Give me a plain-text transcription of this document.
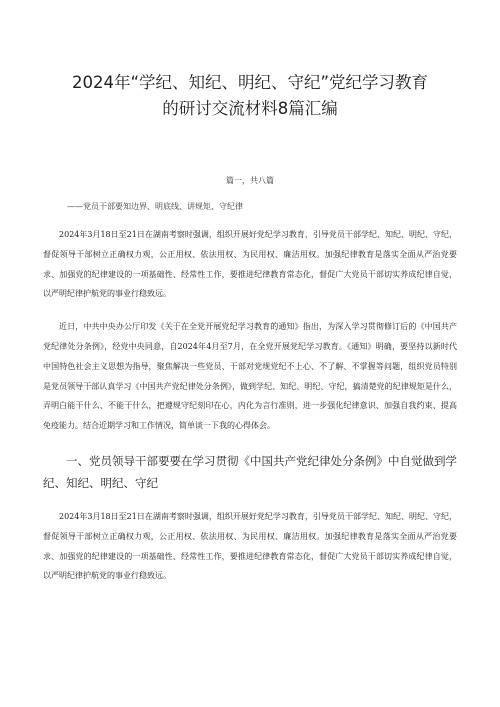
2024年“学纪、知纪、明纪、守纪”党纪学习教育
的研讨交流材料8篇汇编
篇一，共八篇
——党员干部要知边界、明底线、讲规矩、守纪律

2024年3月18日至21日在湖南考察时强调，组织开展好党纪学习教育，引导党员干部学纪、知纪、明纪、守纪，督促领导干部树立正确权力观，公正用权、依法用权、为民用权、廉洁用权。加强纪律教育是落实全面从严治党要求、加强党的纪律建设的一项基础性、经常性工作，要推进纪律教育常态化，督促广大党员干部切实养成纪律自觉，以严明纪律护航党的事业行稳致远。

近日，中共中央办公厅印发《关于在全党开展党纪学习教育的通知》指出，为深入学习贯彻修订后的《中国共产党纪律处分条例》，经党中央同意，自2024年4月至7月，在全党开展党纪学习教育。《通知》明确，要坚持以新时代中国特色社会主义思想为指导，聚焦解决一些党员、干部对党规党纪不上心、不了解、不掌握等问题，组织党员特别是党员领导干部认真学习《中国共产党纪律处分条例》，做到学纪、知纪、明纪、守纪，搞清楚党的纪律规矩是什么，弄明白能干什么、不能干什么，把遵规守纪刻印在心，内化为言行准则，进一步强化纪律意识、加强自我约束、提高免疫能力。结合近期学习和工作情况，简单谈一下我的心得体会。

一、党员领导干部要要在学习贯彻《中国共产党纪律处分条例》中自觉做到学纪、知纪、明纪、守纪

2024年3月18日至21日在湖南考察时强调，组织开展好党纪学习教育，引导党员干部学纪、知纪、明纪、守纪，督促领导干部树立正确权力观，公正用权、依法用权、为民用权、廉洁用权。加强纪律教育是落实全面从严治党要求、加强党的纪律建设的一项基础性、经常性工作，要推进纪律教育常态化，督促广大党员干部切实养成纪律自觉，以严明纪律护航党的事业行稳致远。
